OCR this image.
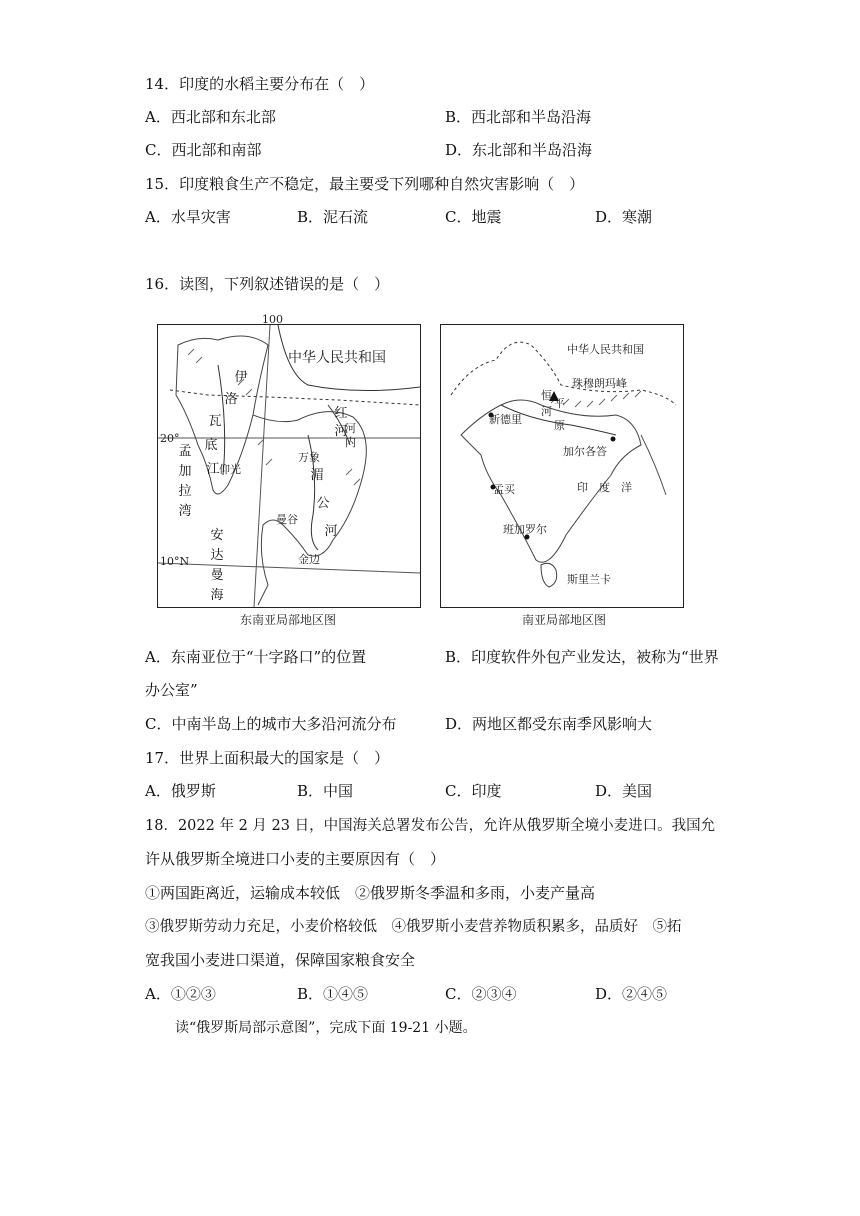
14．印度的水稻主要分布在（　）
A．西北部和东北部	B．西北部和半岛沿海
C．西北部和南部	D．东北部和半岛沿海
15．印度粮食生产不稳定，最主要受下列哪种自然灾害影响（　）
A．水旱灾害	B．泥石流	C．地震	D．寒潮
16．读图，下列叙述错误的是（　）
中华人民共和国
20°
10°N
伊
洛
瓦
底
江
孟
加
拉
湾
安
达
曼
海
红
河
河内
万象
仰光
曼谷
金边
湄
公
河
100
东南亚局部地区图
中华人民共和国
珠穆朗玛峰
恒
河
平
原
新德里
加尔各答
孟买
班加罗尔
印　度　洋
斯里兰卡
南亚局部地区图
A．东南亚位于“十字路口”的位置	B．印度软件外包产业发达，被称为“世界
办公室”
C．中南半岛上的城市大多沿河流分布	D．两地区都受东南季风影响大
17．世界上面积最大的国家是（　）
A．俄罗斯	B．中国	C．印度	D．美国
18．2022 年 2 月 23 日，中国海关总署发布公告，允许从俄罗斯全境小麦进口。我国允
许从俄罗斯全境进口小麦的主要原因有（　）
①两国距离近，运输成本较低　②俄罗斯冬季温和多雨，小麦产量高
③俄罗斯劳动力充足，小麦价格较低　④俄罗斯小麦营养物质积累多，品质好　⑤拓
宽我国小麦进口渠道，保障国家粮食安全
A．①②③	B．①④⑤	C．②③④	D．②④⑤
读“俄罗斯局部示意图”，完成下面 19-21 小题。
